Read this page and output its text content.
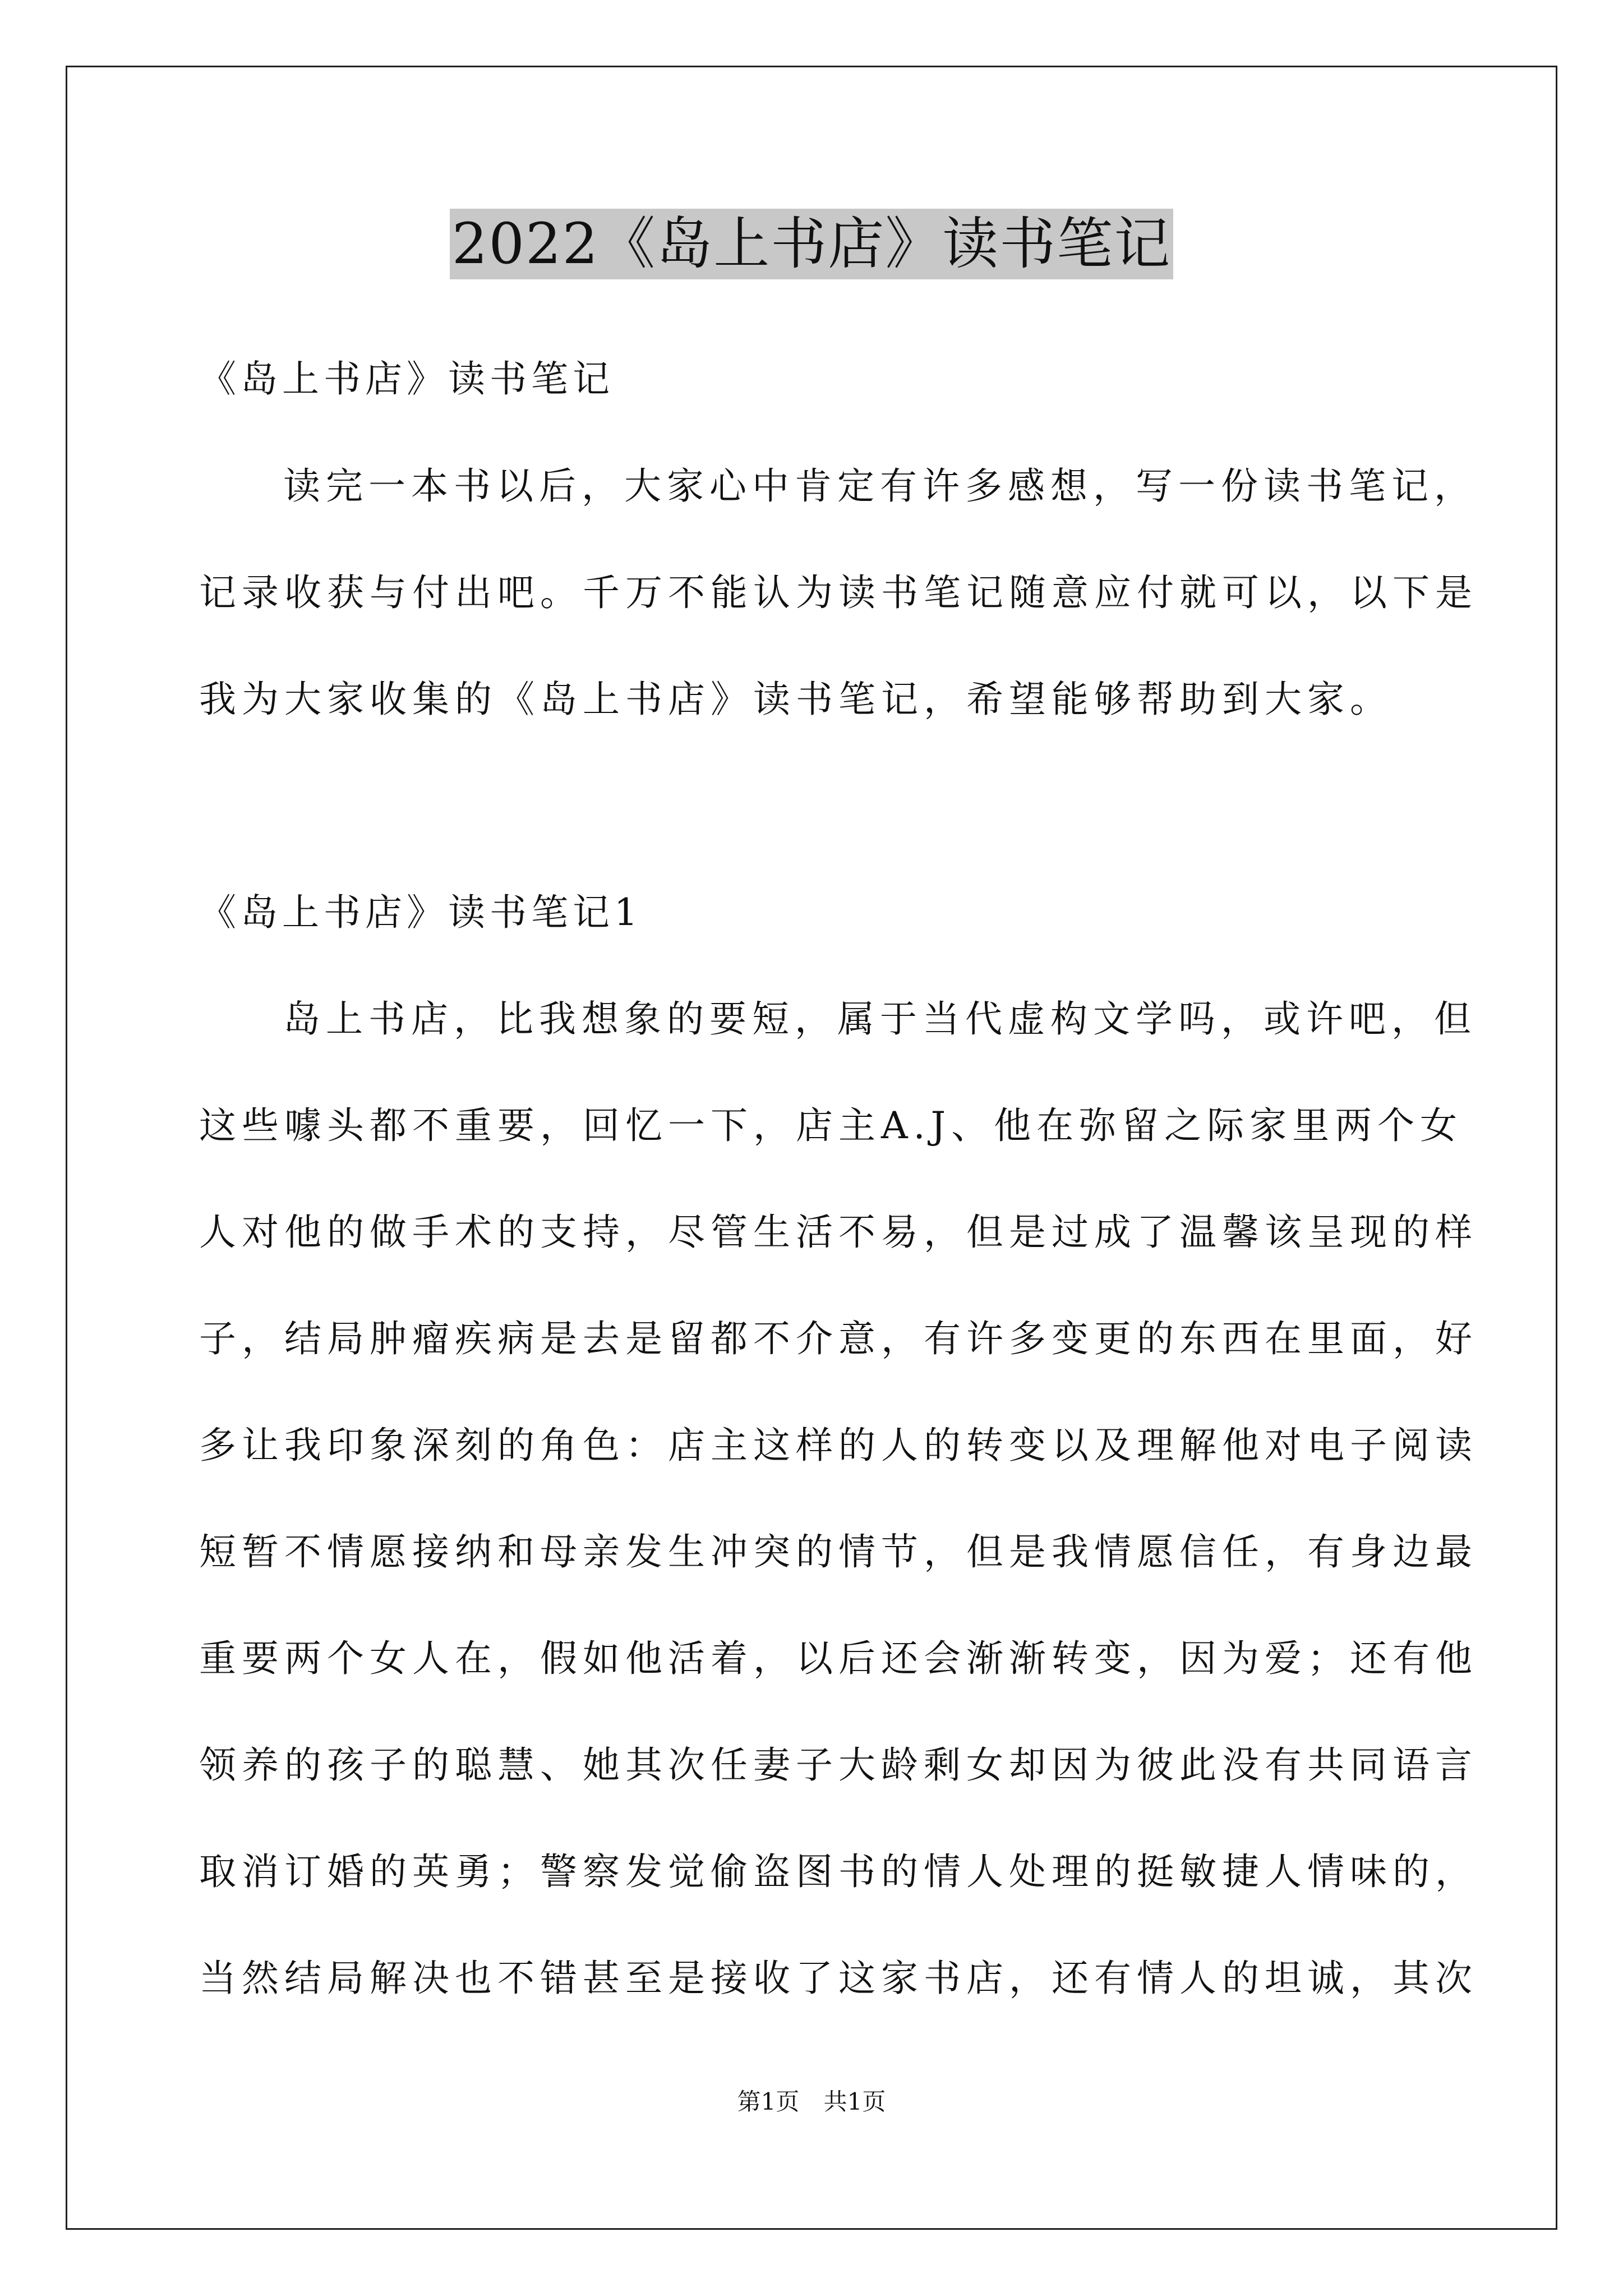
2022《岛上书店》读书笔记
《岛上书店》读书笔记
读完一本书以后，大家心中肯定有许多感想，写一份读书笔记，
记录收获与付出吧。千万不能认为读书笔记随意应付就可以，以下是
我为大家收集的《岛上书店》读书笔记，希望能够帮助到大家。
《岛上书店》读书笔记1
岛上书店，比我想象的要短，属于当代虚构文学吗，或许吧，但
这些噱头都不重要，回忆一下，店主A.J、他在弥留之际家里两个女
人对他的做手术的支持，尽管生活不易，但是过成了温馨该呈现的样
子，结局肿瘤疾病是去是留都不介意，有许多变更的东西在里面，好
多让我印象深刻的角色：店主这样的人的转变以及理解他对电子阅读
短暂不情愿接纳和母亲发生冲突的情节，但是我情愿信任，有身边最
重要两个女人在，假如他活着，以后还会渐渐转变，因为爱；还有他
领养的孩子的聪慧、她其次任妻子大龄剩女却因为彼此没有共同语言
取消订婚的英勇；警察发觉偷盗图书的情人处理的挺敏捷人情味的，
当然结局解决也不错甚至是接收了这家书店，还有情人的坦诚，其次
第1页 共1页
